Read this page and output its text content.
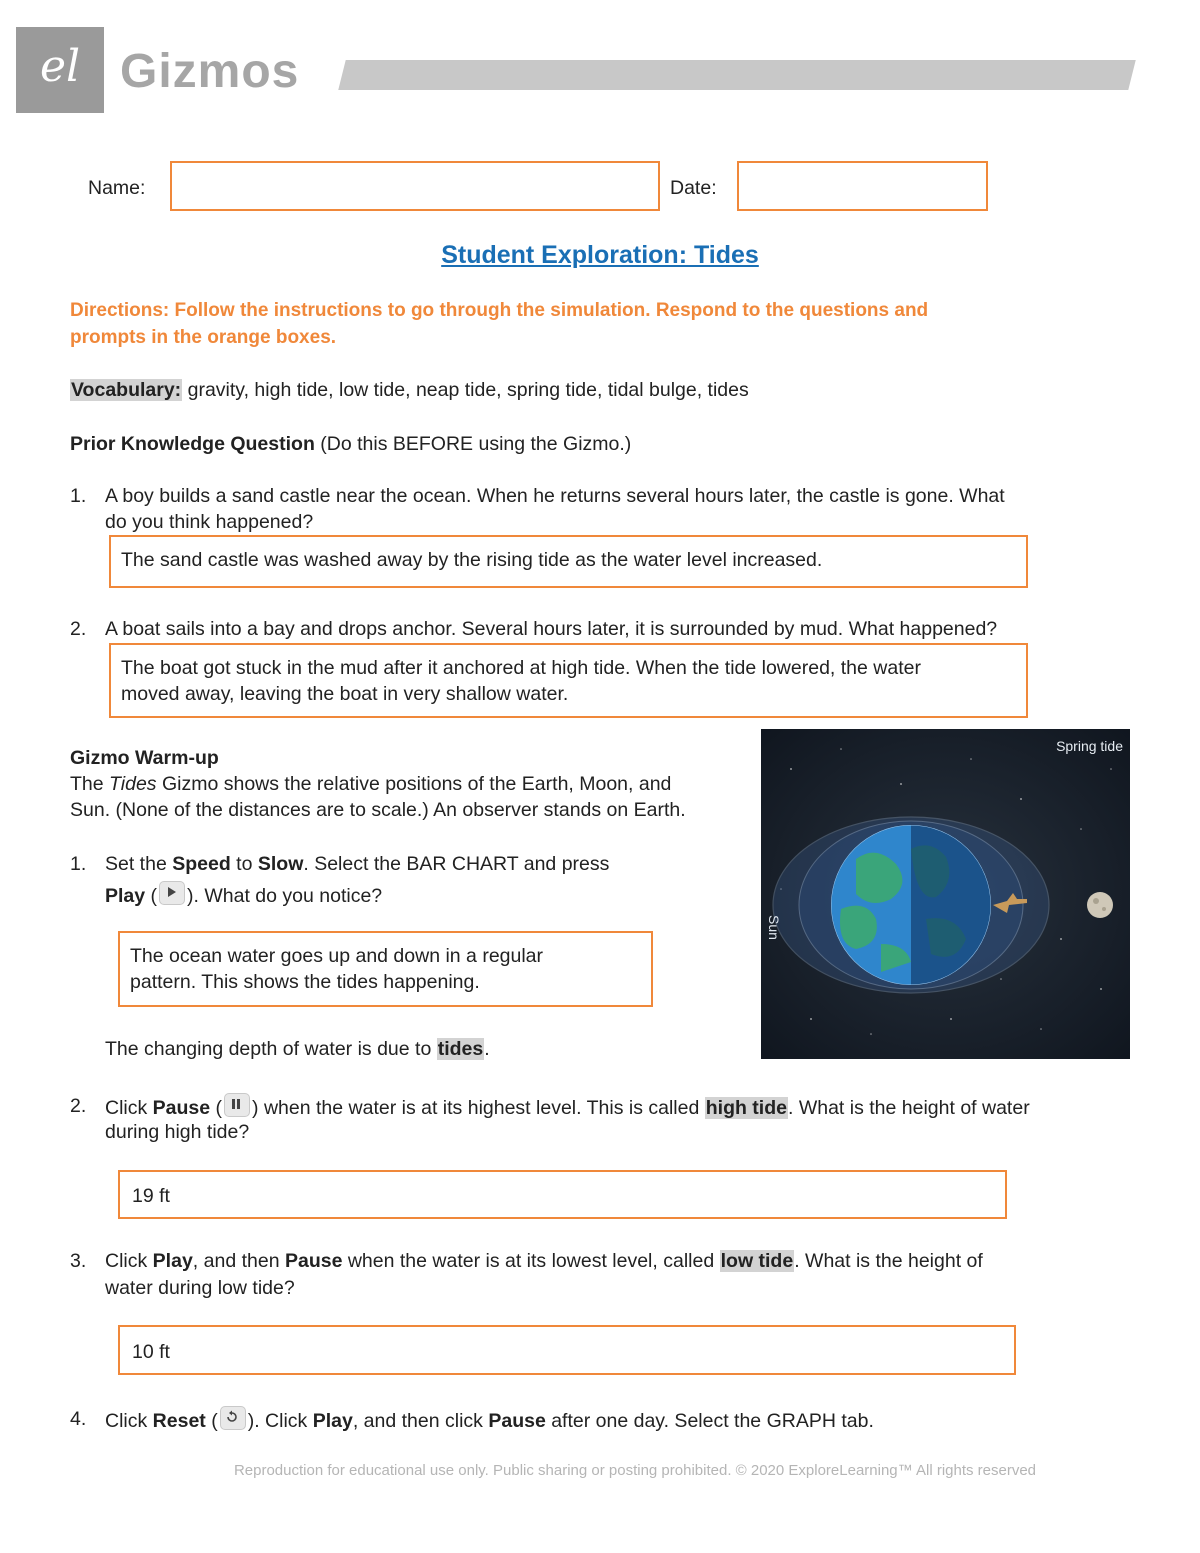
el Gizmos
Name:	Date:
Student Exploration: Tides
Directions: Follow the instructions to go through the simulation. Respond to the questions and
prompts in the orange boxes.
Vocabulary: gravity, high tide, low tide, neap tide, spring tide, tidal bulge, tides
Prior Knowledge Question (Do this BEFORE using the Gizmo.)
1. A boy builds a sand castle near the ocean. When he returns several hours later, the castle is gone. What
do you think happened?
The sand castle was washed away by the rising tide as the water level increased.
2. A boat sails into a bay and drops anchor. Several hours later, it is surrounded by mud. What happened?
The boat got stuck in the mud after it anchored at high tide. When the tide lowered, the water
moved away, leaving the boat in very shallow water.
Gizmo Warm-up
The Tides Gizmo shows the relative positions of the Earth, Moon, and
Sun. (None of the distances are to scale.) An observer stands on Earth.
Sun
Spring tide
1. Set the Speed to Slow. Select the BAR CHART and press
Play ( ). What do you notice?
The ocean water goes up and down in a regular
pattern. This shows the tides happening.
The changing depth of water is due to tides.
2. Click Pause ( ) when the water is at its highest level. This is called high tide. What is the height of water
during high tide?
19 ft
3. Click Play, and then Pause when the water is at its lowest level, called low tide. What is the height of
water during low tide?
10 ft
4. Click Reset ( ). Click Play, and then click Pause after one day. Select the GRAPH tab.
Reproduction for educational use only. Public sharing or posting prohibited. © 2020 ExploreLearning™ All rights reserved
